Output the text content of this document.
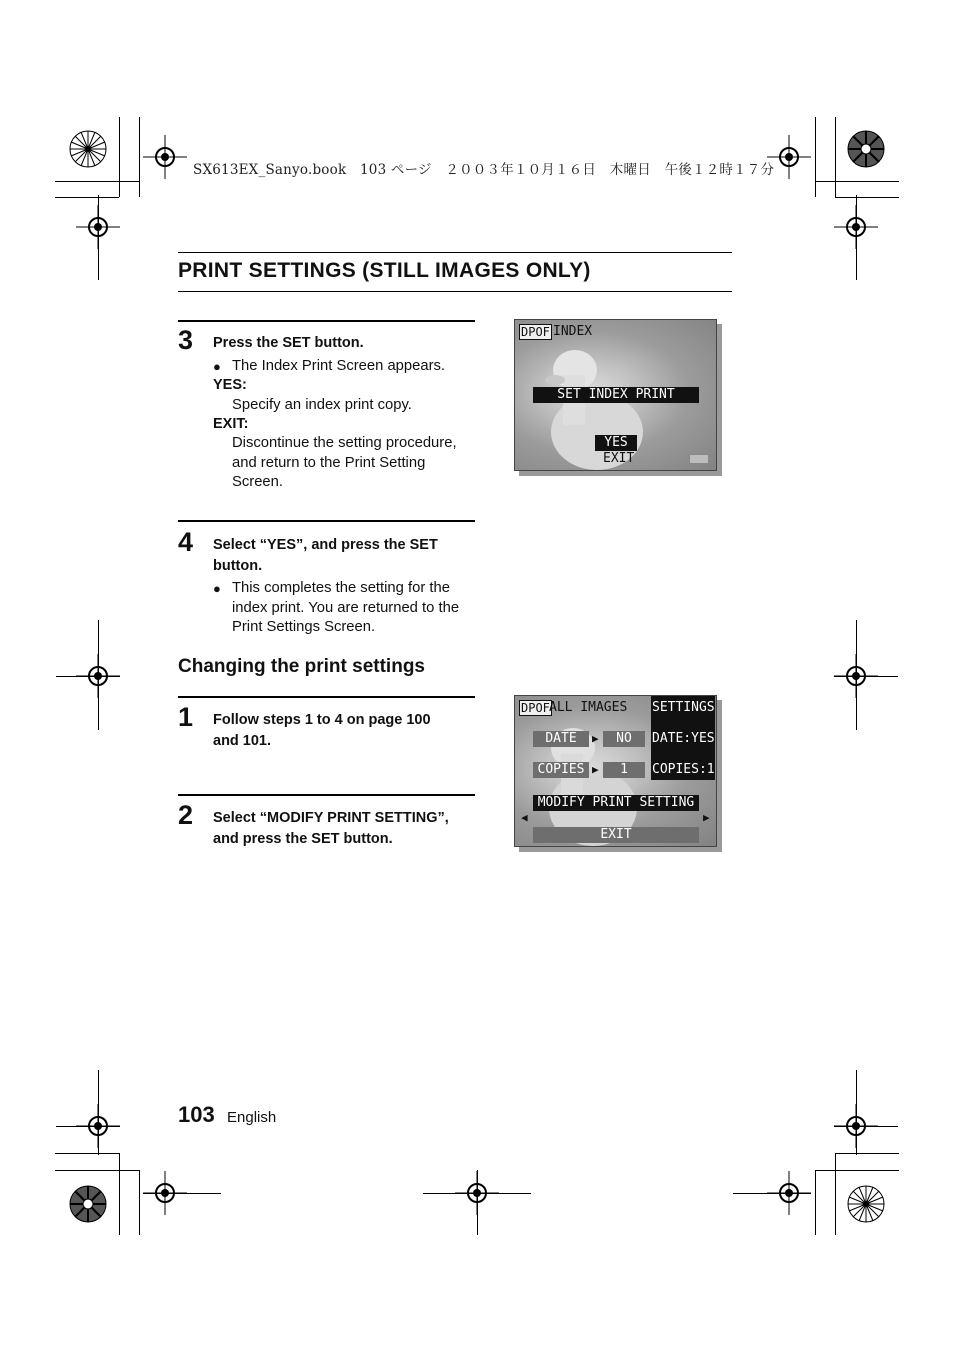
SX613EX_Sanyo.book　103 ページ　２００３年１０月１６日　木曜日　午後１２時１７分
PRINT SETTINGS (STILL IMAGES ONLY)
3 Press the SET button.
● The Index Print Screen appears.
YES:
Specify an index print copy.
EXIT:
Discontinue the setting procedure,
and return to the Print Setting
Screen.
4 Select “YES”, and press the SET
button.
● This completes the setting for the
index print. You are returned to the
Print Settings Screen.
Changing the print settings
1 Follow steps 1 to 4 on page 100
and 101.
2 Select “MODIFY PRINT SETTING”,
and press the SET button.
DPOF INDEX
SET INDEX PRINT
YES
EXIT
DPOF ALL IMAGES SETTINGS
DATE:YES
COPIES:1
DATE	▶	NO
COPIES ▶	1
MODIFY PRINT SETTING
◀	▶
EXIT
103 English
